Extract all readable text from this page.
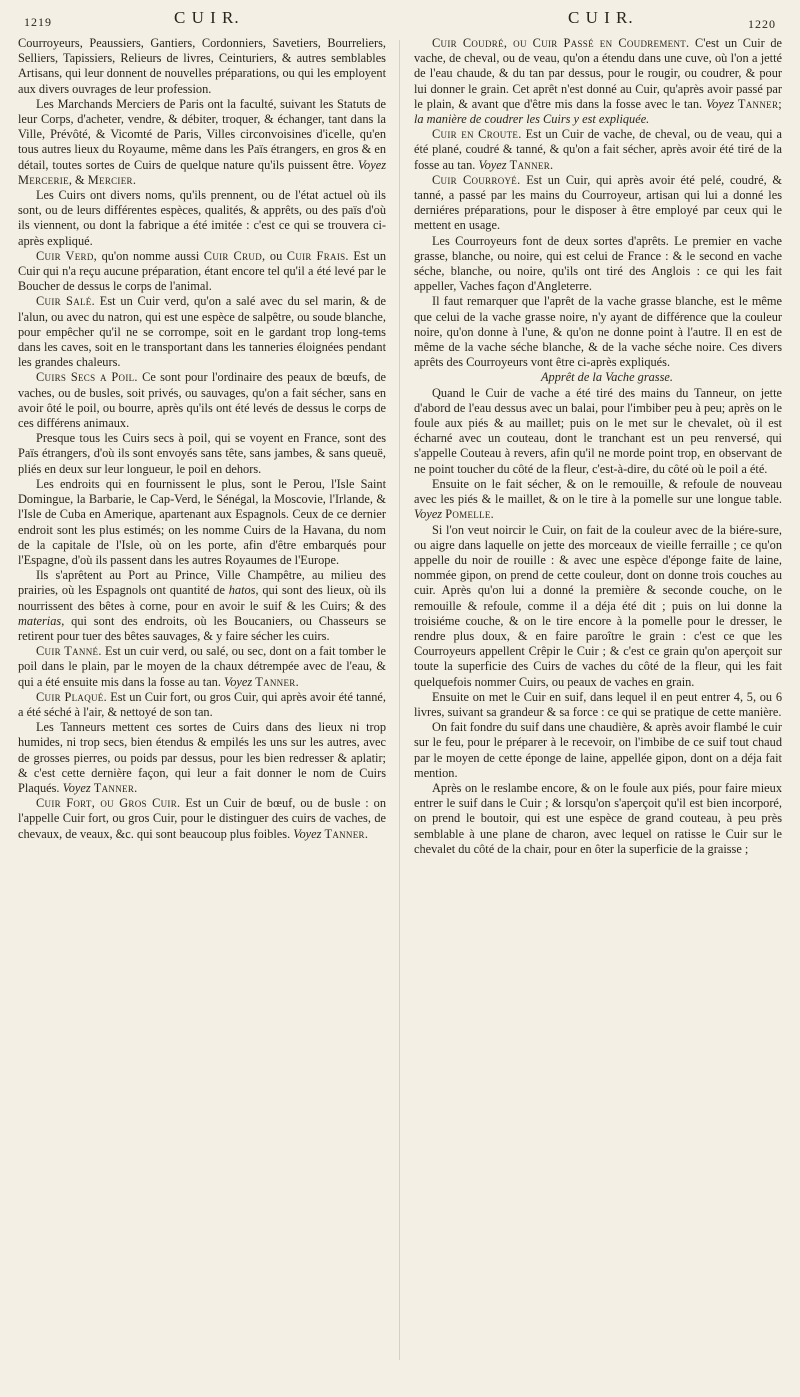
1219	C U I R.	C U I R.	1220

Courroyeurs, Peaussiers, Gantiers, Cordonniers, Savetiers, Bourreliers, Selliers, Tapissiers, Relieurs de livres, Ceinturiers, & autres semblables Artisans, qui leur donnent de nouvelles préparations, ou qui les employent aux divers ouvrages de leur profession.

Les Marchands Merciers de Paris ont la faculté, suivant les Statuts de leur Corps, d'acheter, vendre, & débiter, troquer, & échanger, tant dans la Ville, Prévôté, & Vicomté de Paris, Villes circonvoisines d'icelle, qu'en tous autres lieux du Royaume, même dans les Païs étrangers, en gros & en détail, toutes sortes de Cuirs de quelque nature qu'ils puissent être. Voyez Mercerie, & Mercier.

Les Cuirs ont divers noms, qu'ils prennent, ou de l'état actuel où ils sont, ou de leurs différentes espèces, qualités, & apprêts, ou des païs d'où ils viennent, ou dont la fabrique a été imitée : c'est ce qui se trouvera ci-après expliqué.

Cuir Verd, qu'on nomme aussi Cuir Crud, ou Cuir Frais. Est un Cuir qui n'a reçu aucune préparation, étant encore tel qu'il a été levé par le Boucher de dessus le corps de l'animal.

Cuir Salé. Est un Cuir verd, qu'on a salé avec du sel marin, & de l'alun, ou avec du natron, qui est une espèce de salpêtre, ou soude blanche, pour empêcher qu'il ne se corrompe, soit en le gardant trop long-tems dans les caves, soit en le transportant dans les tanneries éloignées pendant les grandes chaleurs.

Cuirs Secs a Poil. Ce sont pour l'ordinaire des peaux de bœufs, de vaches, ou de busles, soit privés, ou sauvages, qu'on a fait sécher, sans en avoir ôté le poil, ou bourre, après qu'ils ont été levés de dessus le corps de ces différens animaux.

Presque tous les Cuirs secs à poil, qui se voyent en France, sont des Païs étrangers, d'où ils sont envoyés sans tête, sans jambes, & sans queuë, pliés en deux sur leur longueur, le poil en dehors.

Les endroits qui en fournissent le plus, sont le Perou, l'Isle Saint Domingue, la Barbarie, le Cap-Verd, le Sénégal, la Moscovie, l'Irlande, & l'Isle de Cuba en Amerique, apartenant aux Espagnols. Ceux de ce dernier endroit sont les plus estimés; on les nomme Cuirs de la Havana, du nom de la capitale de l'Isle, où on les porte, afin d'être embarqués pour l'Espagne, d'où ils passent dans les autres Royaumes de l'Europe.

Ils s'aprêtent au Port au Prince, Ville Champêtre, au milieu des prairies, où les Espagnols ont quantité de hatos, qui sont des lieux, où ils nourrissent des bêtes à corne, pour en avoir le suif & les Cuirs; & des materias, qui sont des endroits, où les Boucaniers, ou Chasseurs se retirent pour tuer des bêtes sauvages, & y faire sécher les cuirs.

Cuir Tanné. Est un cuir verd, ou salé, ou sec, dont on a fait tomber le poil dans le plain, par le moyen de la chaux détrempée avec de l'eau, & qui a été ensuite mis dans la fosse au tan. Voyez Tanner.

Cuir Plaqué. Est un Cuir fort, ou gros Cuir, qui après avoir été tanné, a été séché à l'air, & nettoyé de son tan.

Les Tanneurs mettent ces sortes de Cuirs dans des lieux ni trop humides, ni trop secs, bien étendus & empilés les uns sur les autres, avec de grosses pierres, ou poids par dessus, pour les bien redresser & aplatir; & c'est cette dernière façon, qui leur a fait donner le nom de Cuirs Plaqués. Voyez Tanner.

Cuir Fort, ou Gros Cuir. Est un Cuir de bœuf, ou de busle : on l'appelle Cuir fort, ou gros Cuir, pour le distinguer des cuirs de vaches, de chevaux, de veaux, &c. qui sont beaucoup plus foibles. Voyez Tanner.

Cuir Coudré, ou Cuir Passé en Coudrement. C'est un Cuir de vache, de cheval, ou de veau, qu'on a étendu dans une cuve, où l'on a jetté de l'eau chaude, & du tan par dessus, pour le rougir, ou coudrer, & pour lui donner le grain. Cet aprêt n'est donné au Cuir, qu'après avoir passé par le plain, & avant que d'être mis dans la fosse avec le tan. Voyez Tanner; la manière de coudrer les Cuirs y est expliquée.

Cuir en Croute. Est un Cuir de vache, de cheval, ou de veau, qui a été plané, coudré & tanné, & qu'on a fait sécher, après avoir été tiré de la fosse au tan. Voyez Tanner.

Cuir Courroyé. Est un Cuir, qui après avoir été pelé, coudré, & tanné, a passé par les mains du Courroyeur, artisan qui lui a donné les derniéres préparations, pour le disposer à être employé par ceux qui le mettent en usage.

Les Courroyeurs font de deux sortes d'aprêts. Le premier en vache grasse, blanche, ou noire, qui est celui de France : & le second en vache séche, blanche, ou noire, qu'ils ont tiré des Anglois : ce qui les fait appeller, Vaches façon d'Angleterre.

Il faut remarquer que l'aprêt de la vache grasse blanche, est le même que celui de la vache grasse noire, n'y ayant de différence que la couleur noire, qu'on donne à l'une, & qu'on ne donne point à l'autre. Il en est de même de la vache séche blanche, & de la vache séche noire. Ces divers aprêts des Courroyeurs vont être ci-après expliqués.

Apprêt de la Vache grasse.

Quand le Cuir de vache a été tiré des mains du Tanneur, on jette d'abord de l'eau dessus avec un balai, pour l'imbiber peu à peu; après on le foule aux piés & au maillet; puis on le met sur le chevalet, où il est écharné avec un couteau, dont le tranchant est un peu renversé, qui s'appelle Couteau à revers, afin qu'il ne morde point trop, en observant de ne point toucher du côté de la fleur, c'est-à-dire, du côté où le poil a été.

Ensuite on le fait sécher, & on le remouille, & refoule de nouveau avec les piés & le maillet, & on le tire à la pomelle sur une longue table. Voyez Pomelle.

Si l'on veut noircir le Cuir, on fait de la couleur avec de la biére-sure, ou aigre dans laquelle on jette des morceaux de vieille ferraille ; ce qu'on appelle du noir de rouille : & avec une espèce d'éponge faite de laine, nommée gipon, on prend de cette couleur, dont on donne trois couches au cuir. Après qu'on lui a donné la première & seconde couche, on le remouille & refoule, comme il a déja été dit ; puis on lui donne la troisiéme couche, & on le tire encore à la pomelle pour le dresser, le rendre plus doux, & en faire paroître le grain : c'est ce que les Courroyeurs appellent Crêpir le Cuir ; & c'est ce grain qu'on aperçoit sur toute la superficie des Cuirs de vaches du côté de la fleur, qui les fait quelquefois nommer Cuirs, ou peaux de vaches en grain.

Ensuite on met le Cuir en suif, dans lequel il en peut entrer 4, 5, ou 6 livres, suivant sa grandeur & sa force : ce qui se pratique de cette manière.

On fait fondre du suif dans une chaudière, & après avoir flambé le cuir sur le feu, pour le préparer à le recevoir, on l'imbibe de ce suif tout chaud par le moyen de cette éponge de laine, appellée gipon, dont on a déja fait mention.

Après on le reslambe encore, & on le foule aux piés, pour faire mieux entrer le suif dans le Cuir ; & lorsqu'on s'aperçoit qu'il est bien incorporé, on prend le boutoir, qui est une espèce de grand couteau, à peu près semblable à une plane de charon, avec lequel on ratisse le Cuir sur le chevalet du côté de la chair, pour en ôter la superficie de la graisse ;
